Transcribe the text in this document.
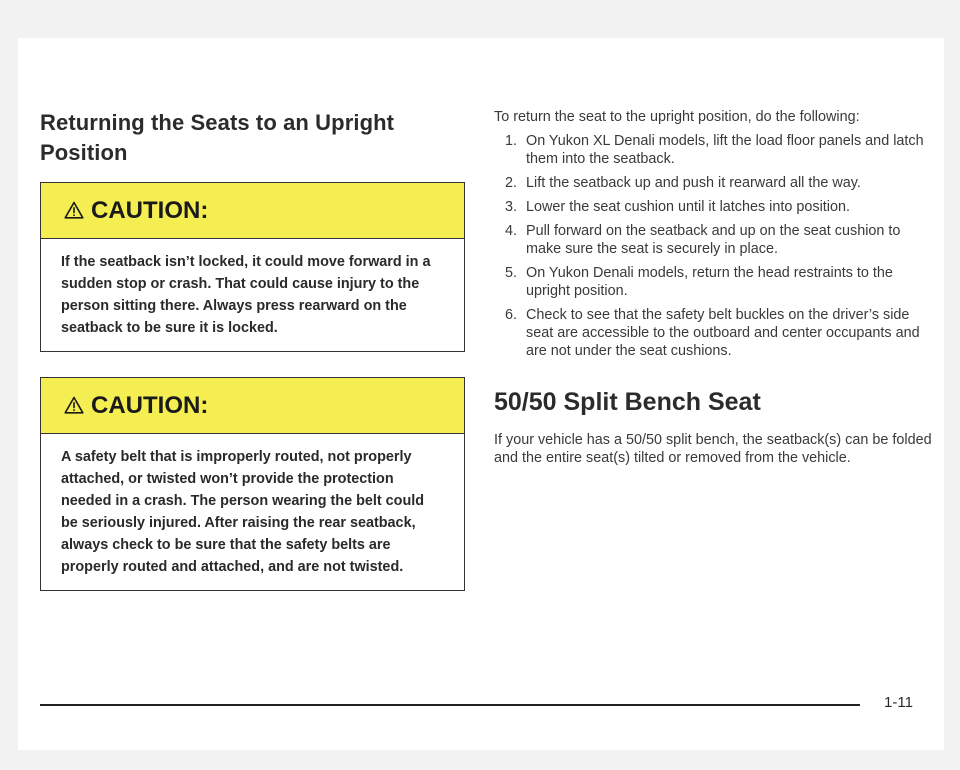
Returning the Seats to an Upright Position
CAUTION:
If the seatback isn’t locked, it could move forward in a sudden stop or crash. That could cause injury to the person sitting there. Always press rearward on the seatback to be sure it is locked.
CAUTION:
A safety belt that is improperly routed, not properly attached, or twisted won’t provide the protection needed in a crash. The person wearing the belt could be seriously injured. After raising the rear seatback, always check to be sure that the safety belts are properly routed and attached, and are not twisted.

To return the seat to the upright position, do the following:

1. On Yukon XL Denali models, lift the load floor panels and latch them into the seatback.
2. Lift the seatback up and push it rearward all the way.
3. Lower the seat cushion until it latches into position.
4. Pull forward on the seatback and up on the seat cushion to make sure the seat is securely in place.
5. On Yukon Denali models, return the head restraints to the upright position.
6. Check to see that the safety belt buckles on the driver’s side seat are accessible to the outboard and center occupants and are not under the seat cushions.
50/50 Split Bench Seat

If your vehicle has a 50/50 split bench, the seatback(s) can be folded and the entire seat(s) tilted or removed from the vehicle.

1-11
